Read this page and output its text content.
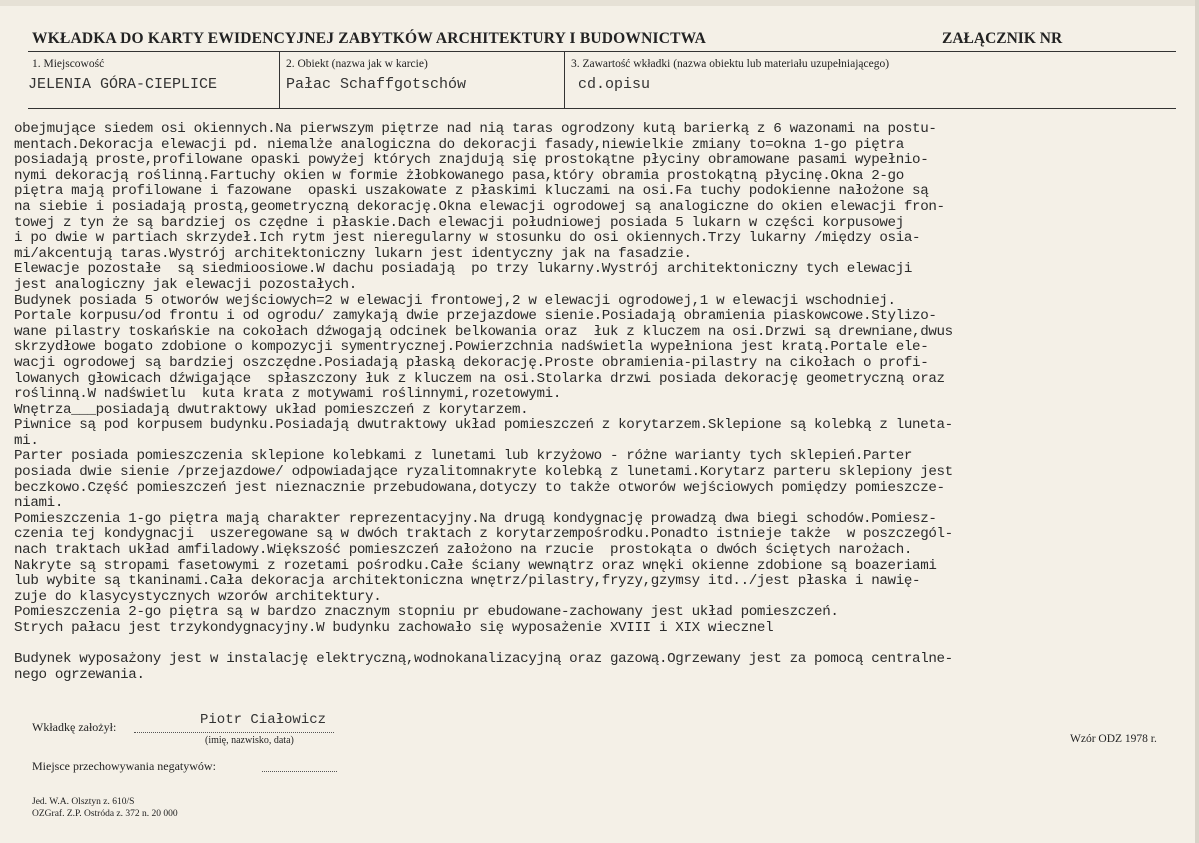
WKŁADKA DO KARTY EWIDENCYJNEJ ZABYTKÓW ARCHITEKTURY I BUDOWNICTWA	ZAŁĄCZNIK NR
1. Miejscowość
JELENIA GÓRA-CIEPLICE
2. Obiekt (nazwa jak w karcie)
Pałac Schaffgotschów
3. Zawartość wkładki (nazwa obiektu lub materiału uzupełniającego)
cd.opisu
obejmujące siedem osi okiennych.Na pierwszym piętrze nad nią taras ogrodzony kutą barierką z 6 wazonami na postu-
mentach.Dekoracja elewacji pd. niemalże analogiczna do dekoracji fasady,niewielkie zmiany to=okna 1-go piętra
posiadają proste,profilowane opaski powyżej których znajdują się prostokątne płyciny obramowane pasami wypełnio-
nymi dekoracją roślinną.Fartuchy okien w formie żłobkowanego pasa,który obramia prostokątną płycinę.Okna 2-go
piętra mają profilowane i fazowane  opaski uszakowate z płaskimi kluczami na osi.Fa tuchy podokienne nałożone są
na siebie i posiadają prostą,geometryczną dekorację.Okna elewacji ogrodowej są analogiczne do okien elewacji fron-
towej z tyn że są bardziej os czędne i płaskie.Dach elewacji południowej posiada 5 lukarn w części korpusowej
i po dwie w partiach skrzydeł.Ich rytm jest nieregularny w stosunku do osi okiennych.Trzy lukarny /między osia-
mi/akcentują taras.Wystrój architektoniczny lukarn jest identyczny jak na fasadzie.
Elewacje pozostałe  są siedmioosiowe.W dachu posiadają  po trzy lukarny.Wystrój architektoniczny tych elewacji
jest analogiczny jak elewacji pozostałych.
Budynek posiada 5 otworów wejściowych=2 w elewacji frontowej,2 w elewacji ogrodowej,1 w elewacji wschodniej.
Portale korpusu/od frontu i od ogrodu/ zamykają dwie przejazdowe sienie.Posiadają obramienia piaskowcowe.Stylizo-
wane pilastry toskańskie na cokołach dźwogają odcinek belkowania oraz  łuk z kluczem na osi.Drzwi są drewniane,dwus
skrzydłowe bogato zdobione o kompozycji symentrycznej.Powierzchnia nadświetla wypełniona jest kratą.Portale ele-
wacji ogrodowej są bardziej oszczędne.Posiadają płaską dekorację.Proste obramienia-pilastry na cikołach o profi-
lowanych głowicach dźwigające  spłaszczony łuk z kluczem na osi.Stolarka drzwi posiada dekorację geometryczną oraz
roślinną.W nadświetlu  kuta krata z motywami roślinnymi,rozetowymi.
Wnętrza___posiadają dwutraktowy układ pomieszczeń z korytarzem.
Piwnice są pod korpusem budynku.Posiadają dwutraktowy układ pomieszczeń z korytarzem.Sklepione są kolebką z luneta-
mi.
Parter posiada pomieszczenia sklepione kolebkami z lunetami lub krzyżowo - różne warianty tych sklepień.Parter
posiada dwie sienie /przejazdowe/ odpowiadające ryzalitomnakryte kolebką z lunetami.Korytarz parteru sklepiony jest
beczkowo.Część pomieszczeń jest nieznacznie przebudowana,dotyczy to także otworów wejściowych pomiędzy pomieszcze-
niami.
Pomieszczenia 1-go piętra mają charakter reprezentacyjny.Na drugą kondygnację prowadzą dwa biegi schodów.Pomiesz-
czenia tej kondygnacji  uszeregowane są w dwóch traktach z korytarzempośrodku.Ponadto istnieje także  w poszczegól-
nach traktach układ amfiladowy.Większość pomieszczeń założono na rzucie  prostokąta o dwóch ściętych narożach.
Nakryte są stropami fasetowymi z rozetami pośrodku.Całe ściany wewnątrz oraz wnęki okienne zdobione są boazeriami
lub wybite są tkaninami.Cała dekoracja architektoniczna wnętrz/pilastry,fryzy,gzymsy itd../jest płaska i nawię-
zuje do klasycystycznych wzorów architektury.
Pomieszczenia 2-go piętra są w bardzo znacznym stopniu pr ebudowane-zachowany jest układ pomieszczeń.
Strych pałacu jest trzykondygnacyjny.W budynku zachowało się wyposażenie XVIII i XIX wiecznel

Budynek wyposażony jest w instalację elektryczną,wodnokanalizacyjną oraz gazową.Ogrzewany jest za pomocą centralne-
nego ogrzewania.

Wkładkę założył:	Piotr Ciałowicz
(imię, nazwisko, data)
Miejsce przechowywania negatywów:
Wzór ODZ 1978 r.
Jed. W.A. Olsztyn z. 610/S
OZGraf. Z.P. Ostróda z. 372 n. 20 000
